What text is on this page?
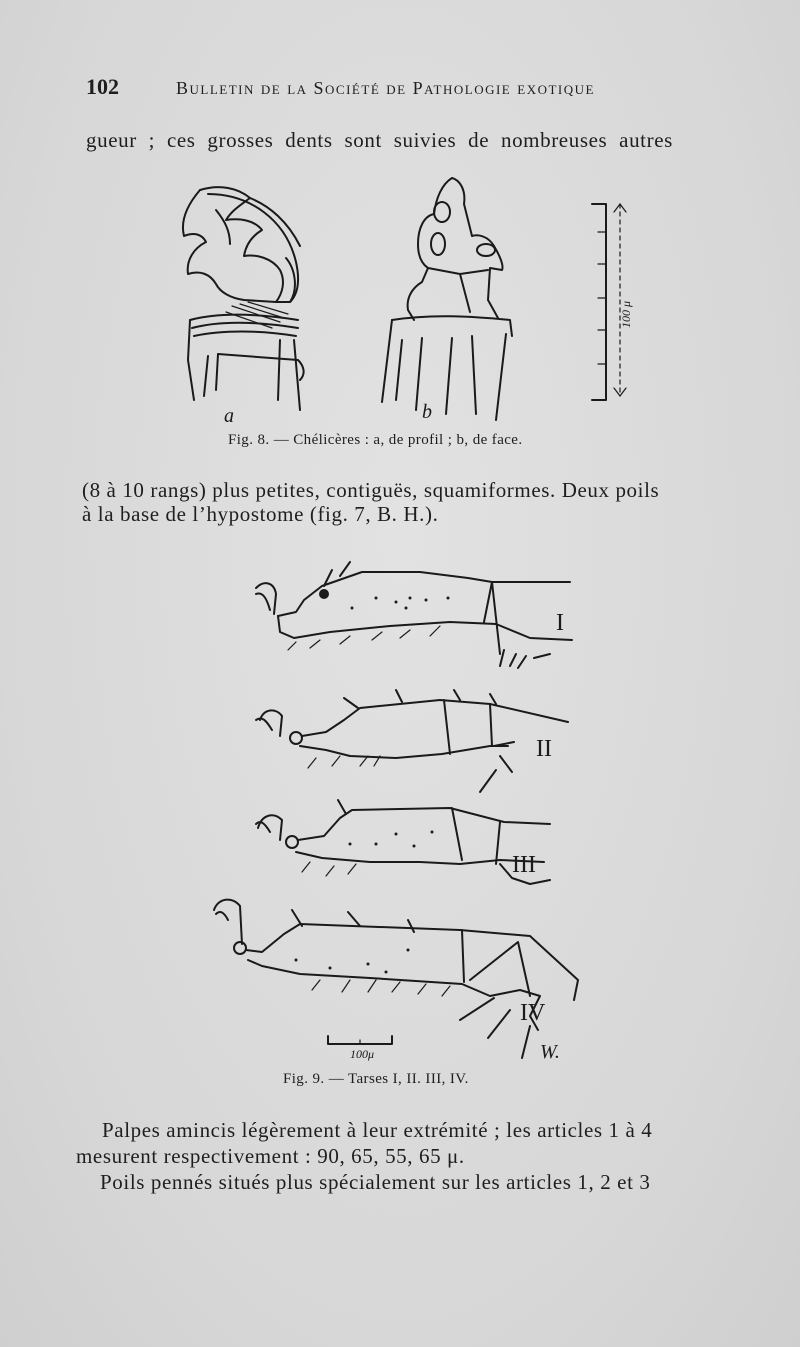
102	Bulletin de la Société de Pathologie exotique
gueur ; ces grosses dents sont suivies de nombreuses autres
a	b
100 μ
Fig. 8. — Chélicères : a, de profil ; b, de face.
(8 à 10 rangs) plus petites, contiguës, squamiformes. Deux poils
à la base de l’hypostome (fig. 7, B. H.).
I
II
III
IV
100μ	W.
Fig. 9. — Tarses I, II. III, IV.
Palpes amincis légèrement à leur extrémité ; les articles 1 à 4
mesurent respectivement : 90, 65, 55, 65 μ.
Poils pennés situés plus spécialement sur les articles 1, 2 et 3
